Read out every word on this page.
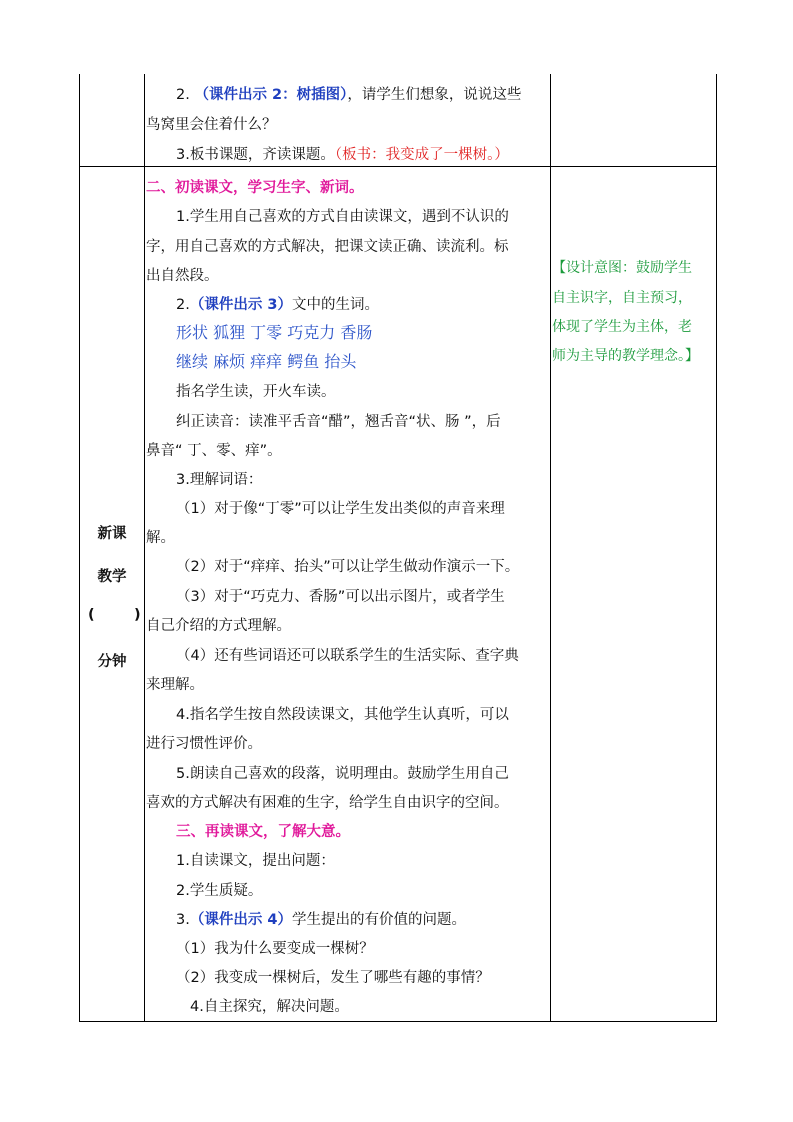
2. （课件出示 2：树插图），请学生们想象，说说这些
鸟窝里会住着什么？
3.板书课题，齐读课题。（板书：我变成了一棵树。）
新课
教学
(	)
分钟
二、初读课文，学习生字、新词。
1.学生用自己喜欢的方式自由读课文，遇到不认识的
字，用自己喜欢的方式解决，把课文读正确、读流利。标
出自然段。
2.（课件出示 3）文中的生词。
形状 狐狸 丁零 巧克力 香肠
继续 麻烦 痒痒 鳄鱼 抬头
指名学生读，开火车读。
纠正读音：读准平舌音“醋”，翘舌音“状、肠 ”，后
鼻音“ 丁、零、痒”。
3.理解词语：
（1）对于像“丁零”可以让学生发出类似的声音来理
解。
（2）对于“痒痒、抬头”可以让学生做动作演示一下。
（3）对于“巧克力、香肠”可以出示图片，或者学生
自己介绍的方式理解。
（4）还有些词语还可以联系学生的生活实际、查字典
来理解。
4.指名学生按自然段读课文，其他学生认真听，可以
进行习惯性评价。
5.朗读自己喜欢的段落，说明理由。鼓励学生用自己
喜欢的方式解决有困难的生字，给学生自由识字的空间。
三、再读课文，了解大意。
1.自读课文，提出问题：
2.学生质疑。
3.（课件出示 4）学生提出的有价值的问题。
（1）我为什么要变成一棵树？
（2）我变成一棵树后，发生了哪些有趣的事情？
4.自主探究，解决问题。
【设计意图：鼓励学生
自主识字，自主预习，
体现了学生为主体，老
师为主导的教学理念。】
